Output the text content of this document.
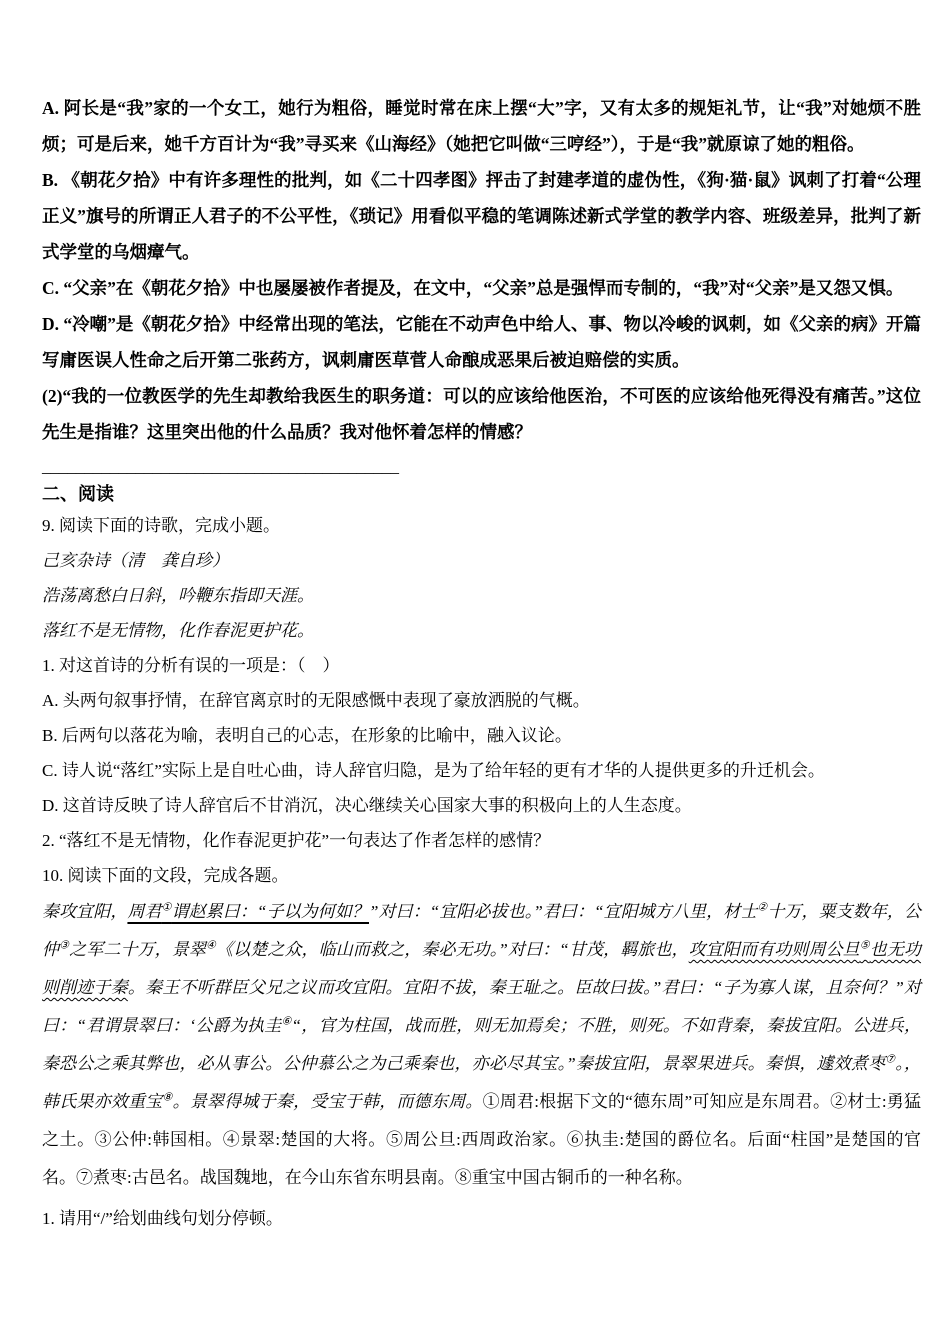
A. 阿长是“我”家的一个女工，她行为粗俗，睡觉时常在床上摆“大”字，又有太多的规矩礼节，让“我”对她烦不胜烦；可是后来，她千方百计为“我”寻买来《山海经》（她把它叫做“三哼经”），于是“我”就原谅了她的粗俗。

B. 《朝花夕拾》中有许多理性的批判，如《二十四孝图》抨击了封建孝道的虚伪性，《狗·猫·鼠》讽刺了打着“公理正义”旗号的所谓正人君子的不公平性，《琐记》用看似平稳的笔调陈述新式学堂的教学内容、班级差异，批判了新式学堂的乌烟瘴气。

C. “父亲”在《朝花夕拾》中也屡屡被作者提及，在文中，“父亲”总是强悍而专制的，“我”对“父亲”是又怨又惧。

D. “冷嘲”是《朝花夕拾》中经常出现的笔法，它能在不动声色中给人、事、物以冷峻的讽刺，如《父亲的病》开篇写庸医误人性命之后开第二张药方，讽刺庸医草菅人命酿成恶果后被迫赔偿的实质。

(2)“我的一位教医学的先生却教给我医生的职务道：可以的应该给他医治，不可医的应该给他死得没有痛苦。”这位先生是指谁？这里突出他的什么品质？我对他怀着怎样的情感？

__________________________________________

二、阅读

9. 阅读下面的诗歌，完成小题。

己亥杂诗（清　龚自珍）

浩荡离愁白日斜，吟鞭东指即天涯。

落红不是无情物，化作春泥更护花。

1. 对这首诗的分析有误的一项是：（　）

A. 头两句叙事抒情，在辞官离京时的无限感慨中表现了豪放洒脱的气概。

B. 后两句以落花为喻，表明自己的心志，在形象的比喻中，融入议论。

C. 诗人说“落红”实际上是自吐心曲，诗人辞官归隐，是为了给年轻的更有才华的人提供更多的升迁机会。

D. 这首诗反映了诗人辞官后不甘消沉，决心继续关心国家大事的积极向上的人生态度。

2. “落红不是无情物，化作春泥更护花”一句表达了作者怎样的感情？

10. 阅读下面的文段，完成各题。

秦攻宜阳，周君①谓赵累曰：“子以为何如？”对曰：“宜阳必拔也。”君曰：“宜阳城方八里，材士②十万，粟支数年，公仲③之军二十万，景翠④《以楚之众，临山而救之，秦必无功。”对曰：“甘茂，羁旅也，攻宜阳而有功则周公旦⑤也无功则削迹于秦。秦王不听群臣父兄之议而攻宜阳。宜阳不拔，秦王耻之。臣故曰拔。”君曰：“子为寡人谋，且奈何？”对曰：“君谓景翠曰：‘公爵为执圭⑥“，官为柱国，战而胜，则无加焉矣；不胜，则死。不如背秦，秦拔宜阳。公进兵，秦恐公之乘其弊也，必从事公。公仲慕公之为己乘秦也，亦必尽其宝。”秦拔宜阳，景翠果进兵。秦惧，遽效煮枣⑦。，韩氏果亦效重宝⑧。景翠得城于秦，受宝于韩，而德东周。①周君:根据下文的“德东周”可知应是东周君。②材士:勇猛之土。③公仲:韩国相。④景翠:楚国的大将。⑤周公旦:西周政治家。⑥执圭:楚国的爵位名。后面“柱国”是楚国的官名。⑦煮枣:古邑名。战国魏地，在今山东省东明县南。⑧重宝中国古铜币的一种名称。

1. 请用“/”给划曲线句划分停顿。
